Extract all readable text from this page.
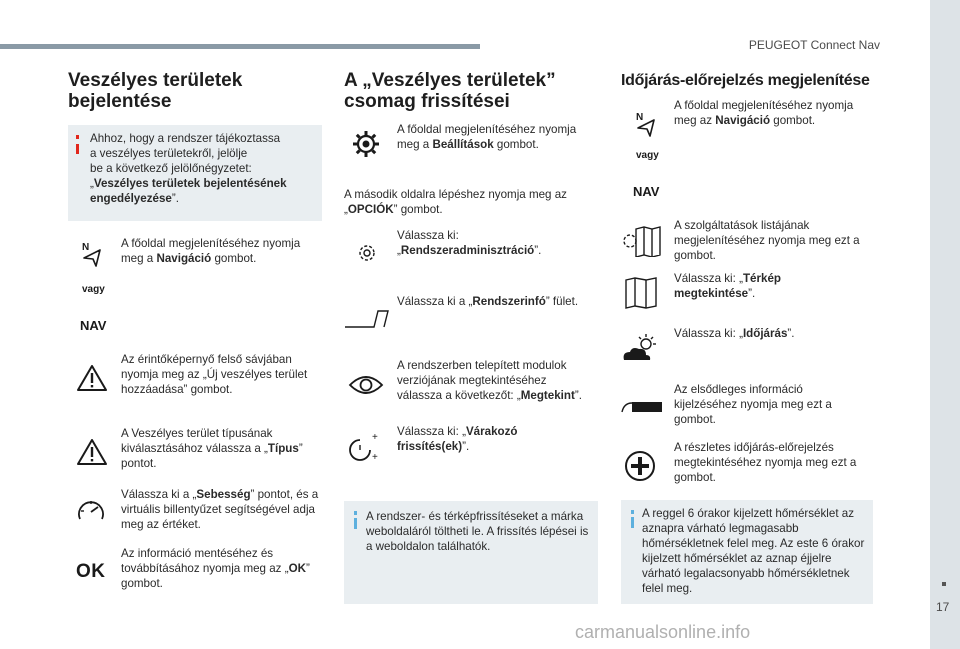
PEUGEOT Connect Nav
17
carmanualsonline.info
Veszélyes területek bejelentése
Ahhoz, hogy a rendszer tájékoztassa
a veszélyes területekről, jelölje
be a következő jelölőnégyzetet:
„Veszélyes területek bejelentésének engedélyezése”.
N
vagy
NAV
A főoldal megjelenítéséhez nyomja meg a Navigáció gombot.
Az érintőképernyő felső sávjában nyomja meg az „Új veszélyes terület hozzáadása” gombot.
A Veszélyes terület típusának kiválasztásához válassza a „Típus” pontot.
Válassza ki a „Sebesség” pontot, és a virtuális billentyűzet segítségével adja meg az értéket.
OK
Az információ mentéséhez és továbbításához nyomja meg az „OK” gombot.
A „Veszélyes területek”
csomag frissítései
A főoldal megjelenítéséhez nyomja meg a Beállítások gombot.
A második oldalra lépéshez nyomja meg az „OPCIÓK” gombot.
Válassza ki: „Rendszeradminisztráció”.
Válassza ki a „Rendszerinfó” fület.
A rendszerben telepített modulok verziójának megtekintéséhez válassza a következőt: „Megtekint”.
+
+
Válassza ki: „Várakozó frissítés(ek)”.
A rendszer- és térképfrissítéseket a márka weboldaláról töltheti le. A frissítés lépései is a weboldalon találhatók.
Időjárás-előrejelzés megjelenítése
N
vagy
NAV
A főoldal megjelenítéséhez nyomja meg az Navigáció gombot.
A szolgáltatások listájának megjelenítéséhez nyomja meg ezt a gombot.
Válassza ki: „Térkép megtekintése”.
Válassza ki: „Időjárás”.
Az elsődleges információ kijelzéséhez nyomja meg ezt a gombot.
A részletes időjárás-előrejelzés megtekintéséhez nyomja meg ezt a gombot.
A reggel 6 órakor kijelzett hőmérséklet az aznapra várható legmagasabb hőmérsékletnek felel meg. Az este 6 órakor kijelzett hőmérséklet az aznap éjjelre várható legalacsonyabb hőmérsékletnek felel meg.
